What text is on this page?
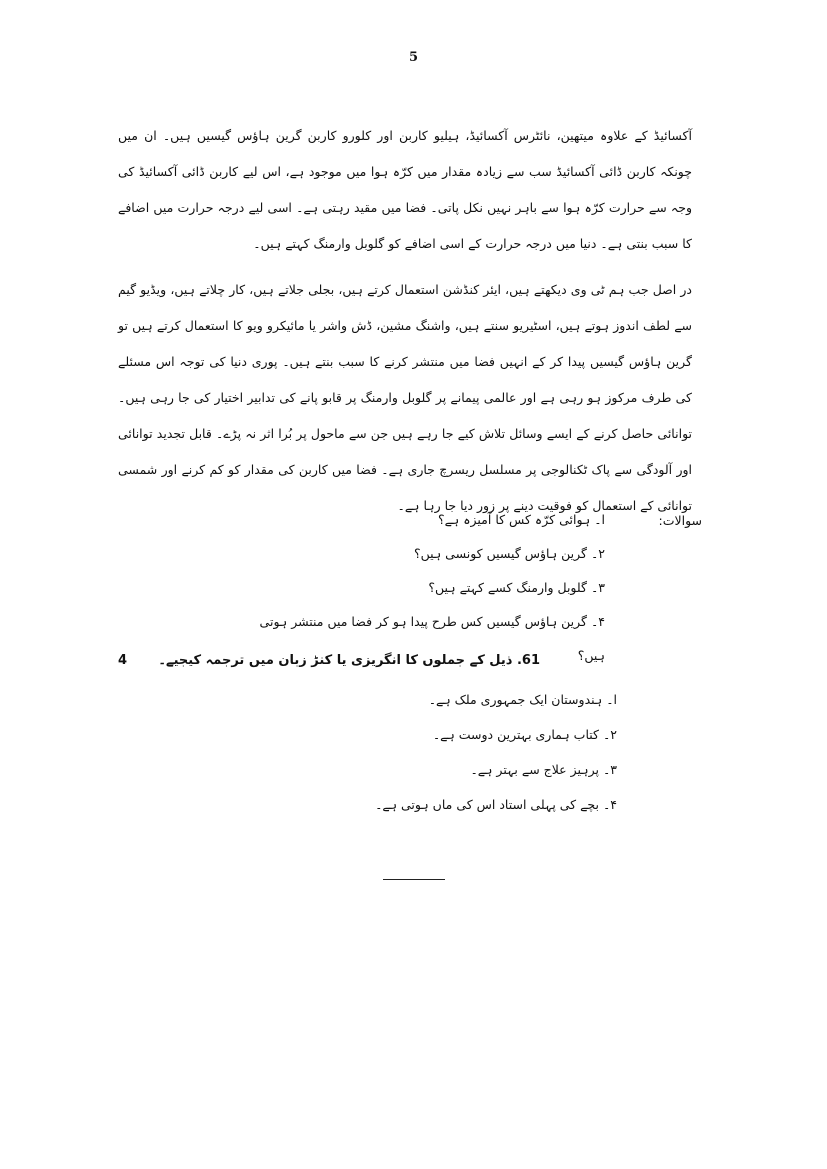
5

آکسائیڈ کے علاوہ میتھین، نائٹرس آکسائیڈ، ہیلیو کاربن اور کلورو کاربن گرین ہاؤس گیسیں ہیں۔ ان میں چونکہ کاربن ڈائی آکسائیڈ سب سے زیادہ مقدار میں کرّہ ہوا میں موجود ہے، اس لیے کاربن ڈائی آکسائیڈ کی وجہ سے حرارت کرّہ ہوا سے باہر نہیں نکل پاتی۔ فضا میں مقید رہتی ہے۔ اسی لیے درجہ حرارت میں اضافے کا سبب بنتی ہے۔ دنیا میں درجہ حرارت کے اسی اضافے کو گلوبل وارمنگ کہتے ہیں۔

در اصل جب ہم ٹی وی دیکھتے ہیں، ایئر کنڈشن استعمال کرتے ہیں، بجلی جلاتے ہیں، کار چلاتے ہیں، ویڈیو گیم سے لطف اندوز ہوتے ہیں، اسٹیریو سنتے ہیں، واشنگ مشین، ڈش واشر یا مائیکرو ویو کا استعمال کرتے ہیں تو گرین ہاؤس گیسیں پیدا کر کے انہیں فضا میں منتشر کرنے کا سبب بنتے ہیں۔ پوری دنیا کی توجہ اس مسئلے کی طرف مرکوز ہو رہی ہے اور عالمی پیمانے پر گلوبل وارمنگ پر قابو پانے کی تدابیر اختیار کی جا رہی ہیں۔ توانائی حاصل کرنے کے ایسے وسائل تلاش کیے جا رہے ہیں جن سے ماحول پر بُرا اثر نہ پڑے۔ قابل تجدید توانائی اور آلودگی سے پاک ٹکنالوجی پر مسلسل ریسرچ جاری ہے۔ فضا میں کاربن کی مقدار کو کم کرنے اور شمسی توانائی کے استعمال کو فوقیت دینے پر زور دیا جا رہا ہے۔

سوالات:
ا۔ ہوائی کرّہ کس کا آمیزہ ہے؟
۲۔ گرین ہاؤس گیسیں کونسی ہیں؟
۳۔ گلوبل وارمنگ کسے کہتے ہیں؟
۴۔ گرین ہاؤس گیسیں کس طرح پیدا ہو کر فضا میں منتشر ہوتی ہیں؟
4 61. ذیل کے جملوں کا انگریزی یا کنڑ زبان میں ترجمہ کیجیے۔
ا۔ ہندوستان ایک جمہوری ملک ہے۔
۲۔ کتاب ہماری بہترین دوست ہے۔
۳۔ پرہیز علاج سے بہتر ہے۔
۴۔ بچے کی پہلی استاد اس کی ماں ہوتی ہے۔
